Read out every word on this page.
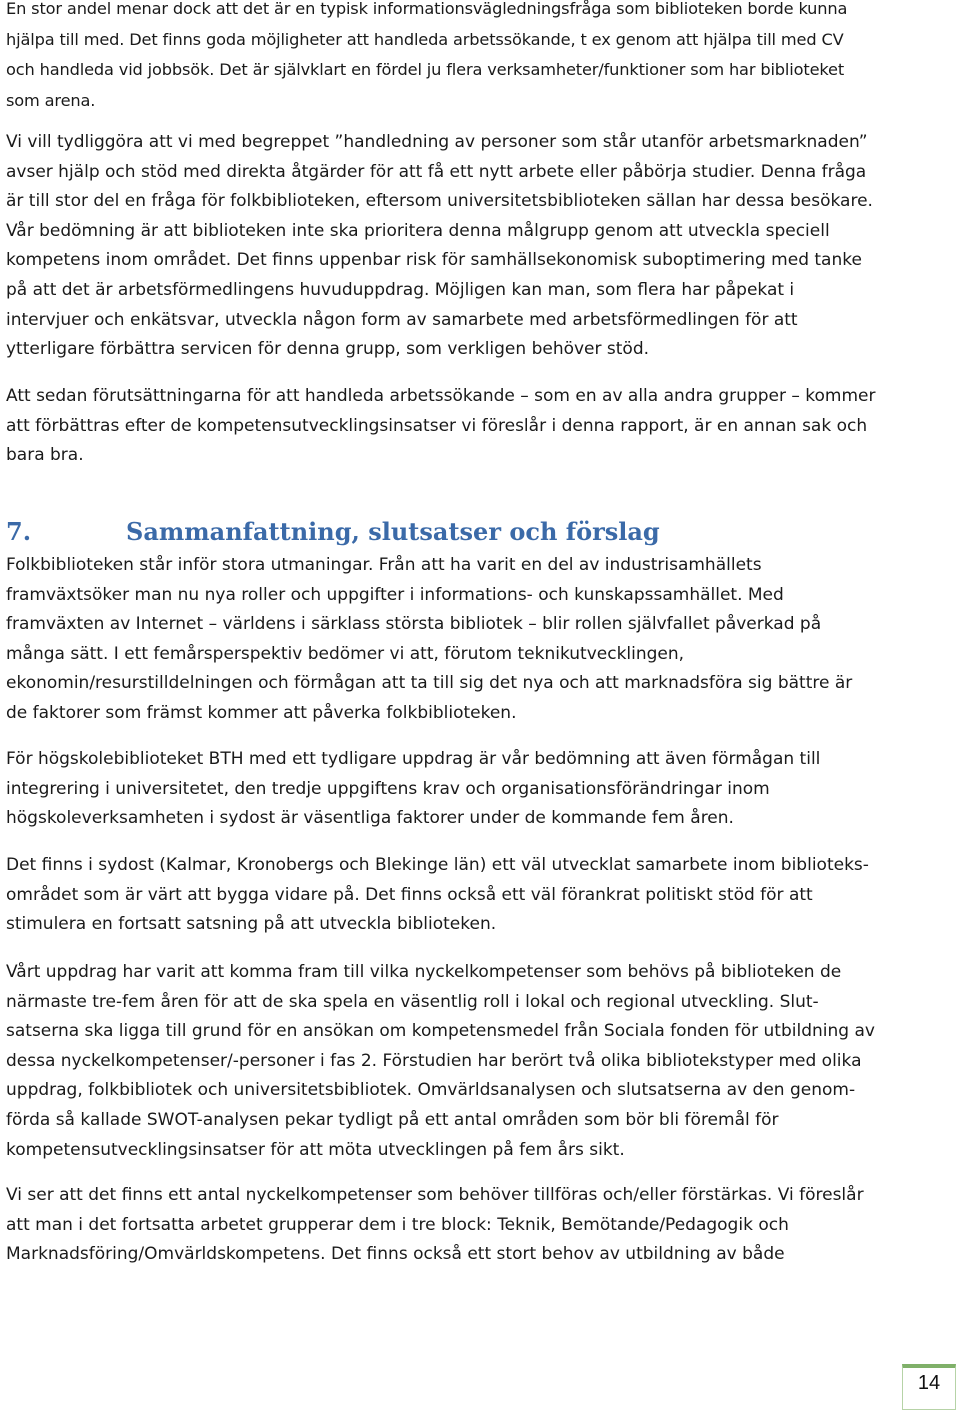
En stor andel menar dock att det är en typisk informationsvägledningsfråga som biblioteken borde kunna hjälpa till med. Det finns goda möjligheter att handleda arbetssökande, t ex genom att hjälpa till med CV och handleda vid jobbsök. Det är självklart en fördel ju flera verksamheter/funktioner som har biblioteket som arena.

Vi vill tydliggöra att vi med begreppet ”handledning av personer som står utanför arbetsmarknaden” avser hjälp och stöd med direkta åtgärder för att få ett nytt arbete eller påbörja studier. Denna fråga är till stor del en fråga för folkbiblioteken, eftersom universitetsbiblioteken sällan har dessa besökare. Vår bedömning är att biblioteken inte ska prioritera denna målgrupp genom att utveckla speciell kompetens inom området. Det finns uppenbar risk för samhällsekonomisk suboptimering med tanke på att det är arbetsförmedlingens huvuduppdrag. Möjligen kan man, som flera har påpekat i intervjuer och enkätsvar, utveckla någon form av samarbete med arbetsförmedlingen för att ytterligare förbättra servicen för denna grupp, som verkligen behöver stöd.

Att sedan förutsättningarna för att handleda arbetssökande – som en av alla andra grupper – kommer att förbättras efter de kompetensutvecklingsinsatser vi föreslår i denna rapport, är en annan sak och bara bra.

7.	Sammanfattning, slutsatser och förslag

Folkbiblioteken står inför stora utmaningar. Från att ha varit en del av industrisamhällets framväxtsöker man nu nya roller och uppgifter i informations- och kunskapssamhället. Med framväxten av Internet – världens i särklass största bibliotek – blir rollen självfallet påverkad på många sätt. I ett femårsperspektiv bedömer vi att, förutom teknikutvecklingen, ekonomin/resurstilldelningen och förmågan att ta till sig det nya och att marknadsföra sig bättre är de faktorer som främst kommer att påverka folkbiblioteken.

För högskolebiblioteket BTH med ett tydligare uppdrag är vår bedömning att även förmågan till integrering i universitetet, den tredje uppgiftens krav och organisationsförändringar inom högskoleverksamheten i sydost är väsentliga faktorer under de kommande fem åren.

Det finns i sydost (Kalmar, Kronobergs och Blekinge län) ett väl utvecklat samarbete inom biblioteks-området som är värt att bygga vidare på. Det finns också ett väl förankrat politiskt stöd för att stimulera en fortsatt satsning på att utveckla biblioteken.

Vårt uppdrag har varit att komma fram till vilka nyckelkompetenser som behövs på biblioteken de närmaste tre-fem åren för att de ska spela en väsentlig roll i lokal och regional utveckling. Slut-satserna ska ligga till grund för en ansökan om kompetensmedel från Sociala fonden för utbildning av dessa nyckelkompetenser/-personer i fas 2. Förstudien har berört två olika bibliotekstyper med olika uppdrag, folkbibliotek och universitetsbibliotek. Omvärldsanalysen och slutsatserna av den genom-förda så kallade SWOT-analysen pekar tydligt på ett antal områden som bör bli föremål för kompetensutvecklingsinsatser för att möta utvecklingen på fem års sikt.

Vi ser att det finns ett antal nyckelkompetenser som behöver tillföras och/eller förstärkas. Vi föreslår att man i det fortsatta arbetet grupperar dem i tre block: Teknik, Bemötande/Pedagogik och Marknadsföring/Omvärldskompetens. Det finns också ett stort behov av utbildning av både

14
